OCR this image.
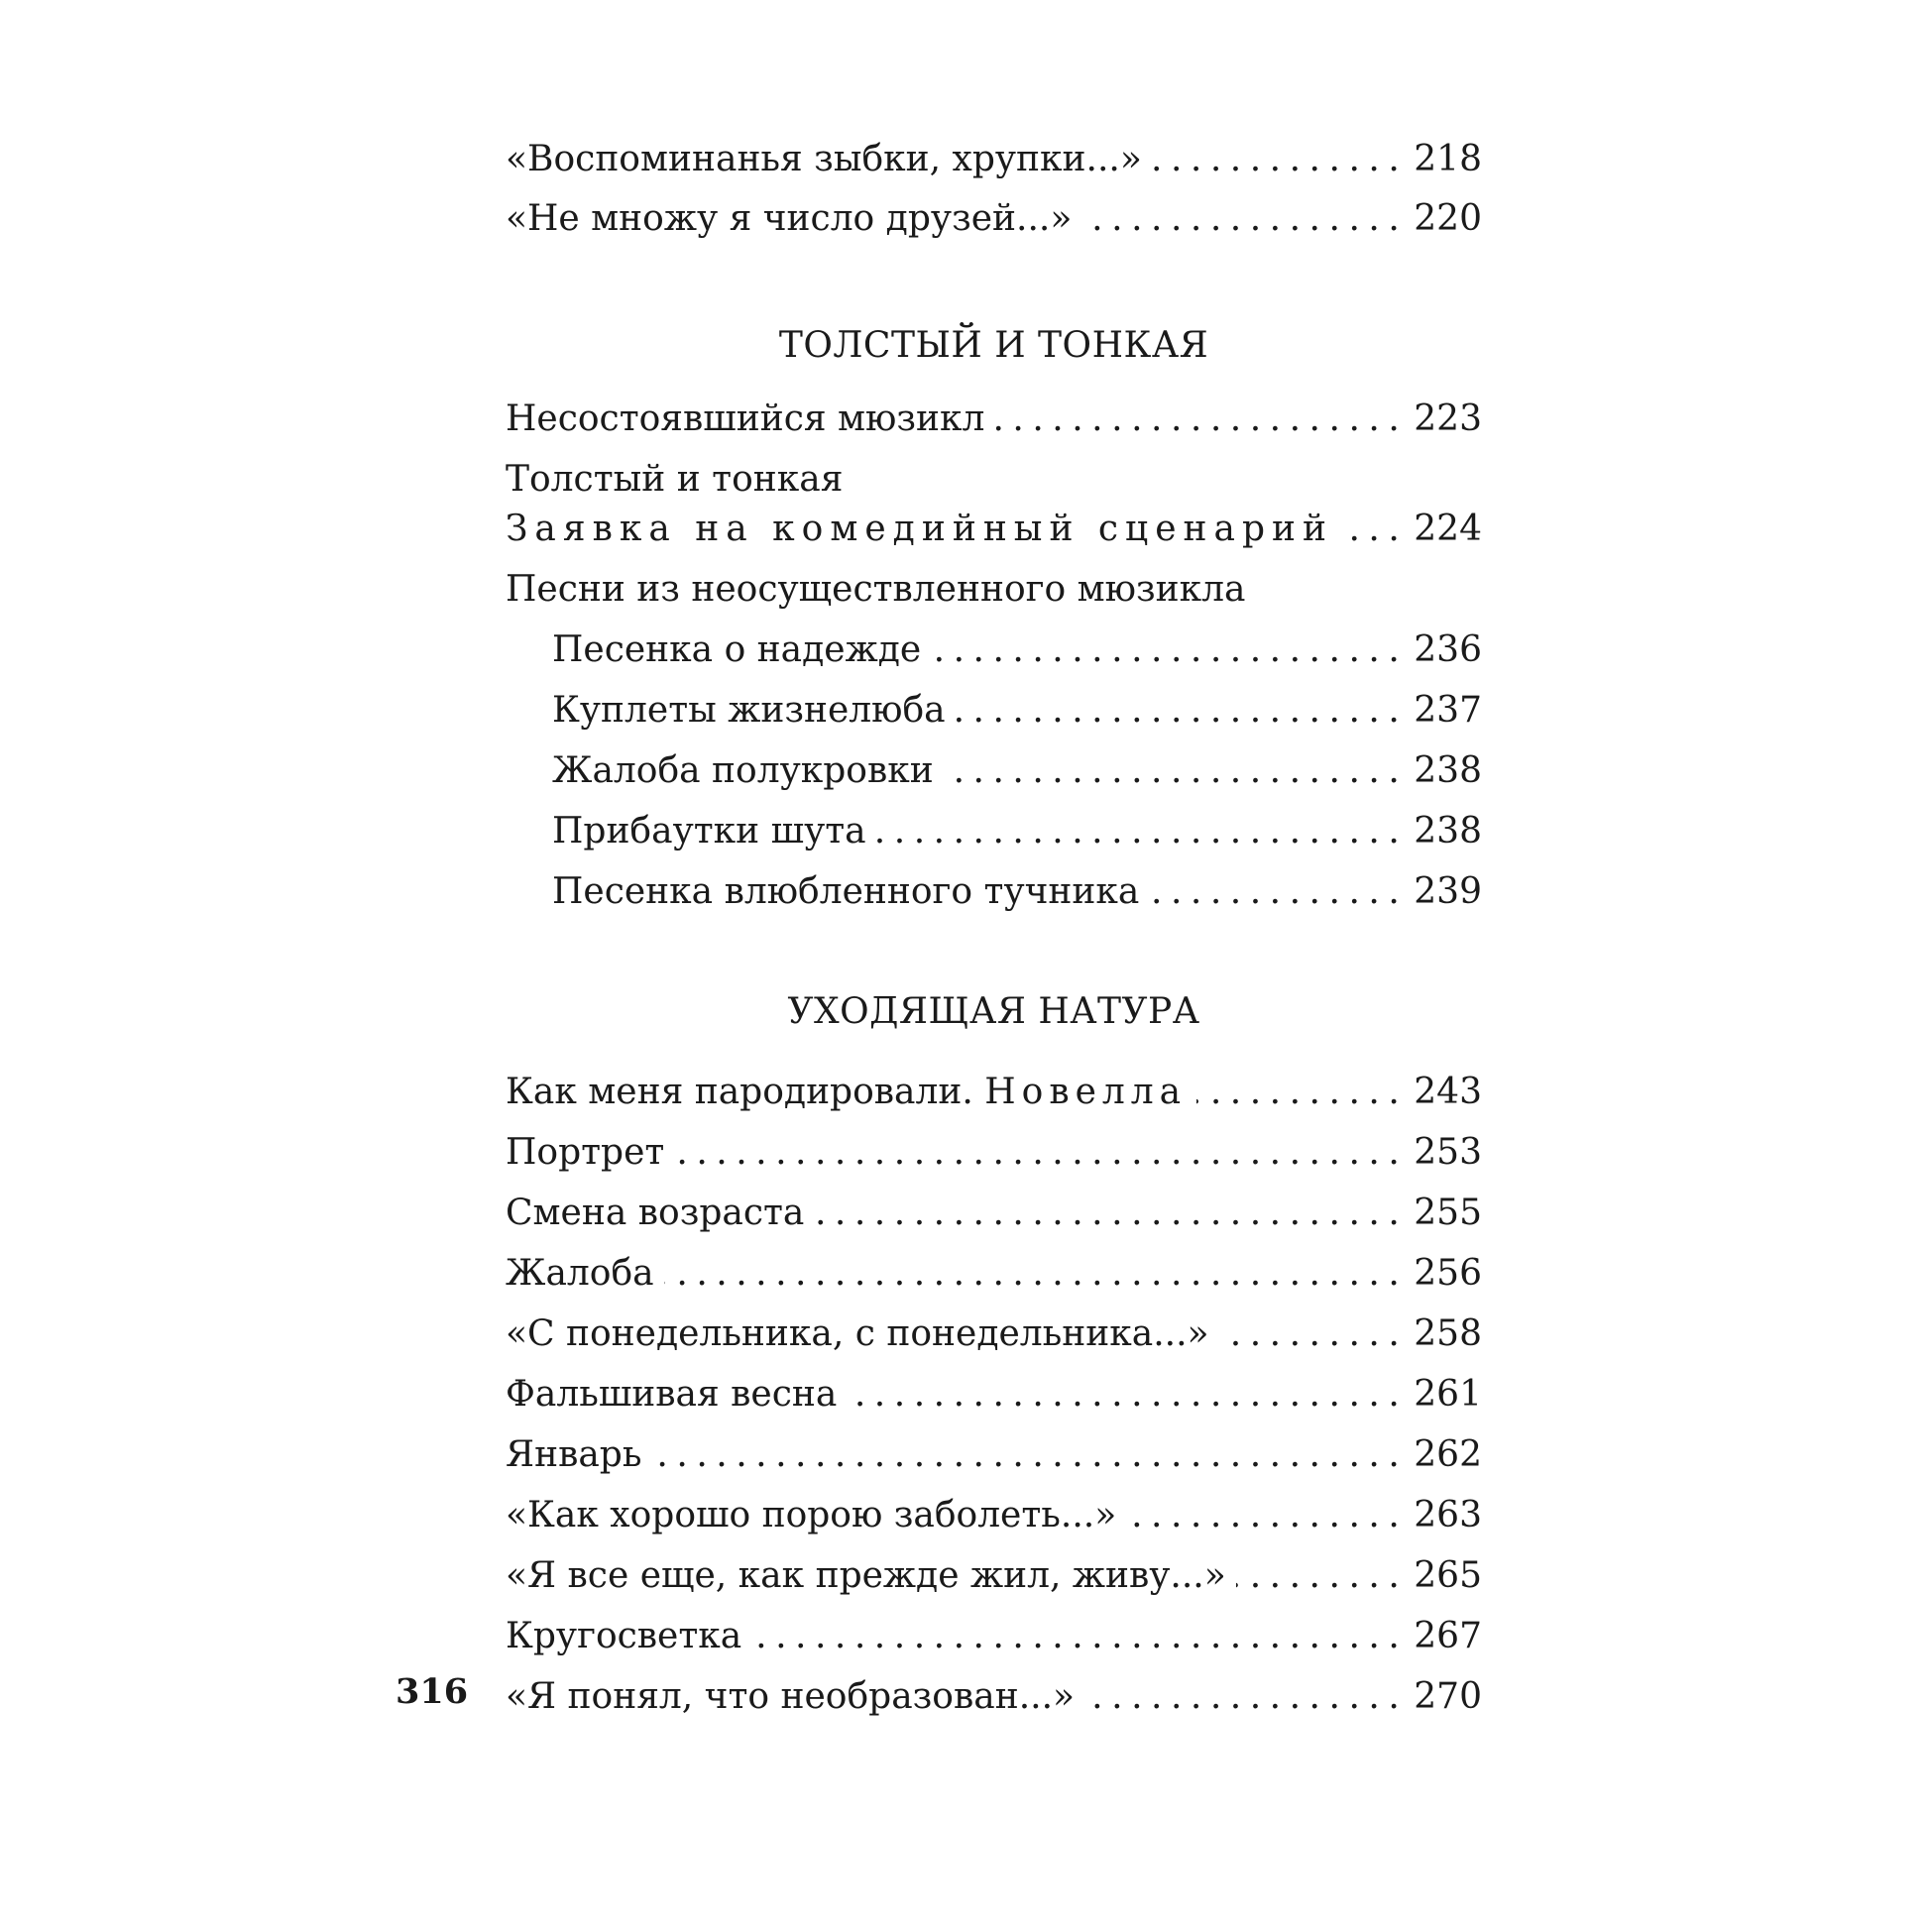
«Воспоминанья зыбки, хрупки...» .....	218
«Не множу я число друзей...» .....	220
ТОЛСТЫЙ И ТОНКАЯ
Несостоявшийся мюзикл .....	223
Толстый и тонкая
Заявка на комедийный сценарий ..... 224
Песни из неосуществленного мюзикла
Песенка о надежде .....	236
Куплеты жизнелюба .....	237
Жалоба полукровки .....	238
Прибаутки шута .....	238
Песенка влюбленного тучника .....	239
УХОДЯЩАЯ НАТУРА
Как меня пародировали. Новелла .....	243
Портрет .....	253
Смена возраста .....	255
Жалоба .....	256
«С понедельника, с понедельника...» .....	258
Фальшивая весна .....	261
Январь .....	262
«Как хорошо порою заболеть...» .....	263
«Я все еще, как прежде жил, живу...» .....	265
Кругосветка .....	267
«Я понял, что необразован...» .....	270
316
